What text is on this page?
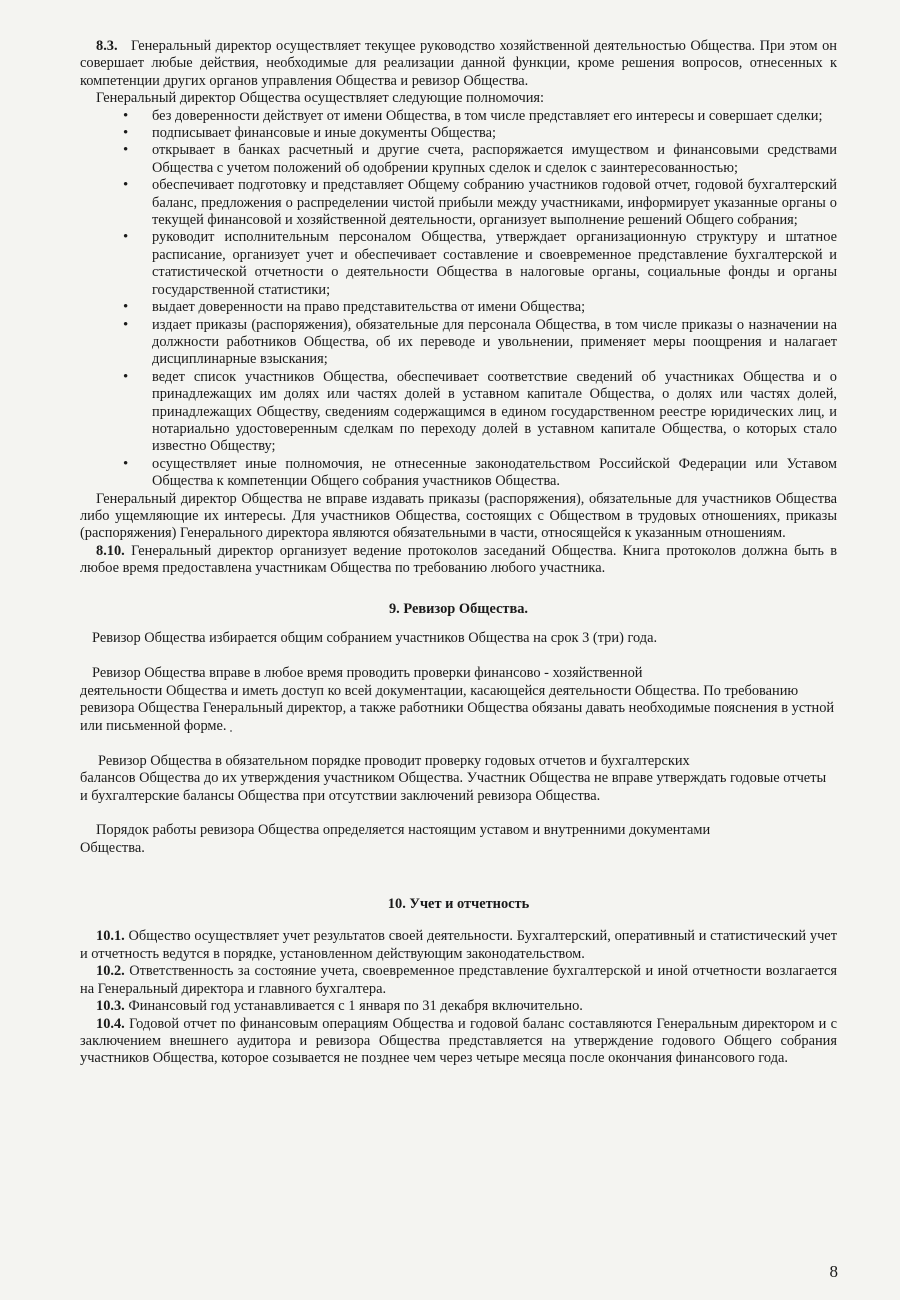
8.3. Генеральный директор осуществляет текущее руководство хозяйственной деятельностью Общества. При этом он совершает любые действия, необходимые для реализации данной функции, кроме решения вопросов, отнесенных к компетенции других органов управления Общества и ревизор Общества.

Генеральный директор Общества осуществляет следующие полномочия:

• без доверенности действует от имени Общества, в том числе представляет его интересы и совершает сделки;
• подписывает финансовые и иные документы Общества;
• открывает в банках расчетный и другие счета, распоряжается имуществом и финансовыми средствами Общества с учетом положений об одобрении крупных сделок и сделок с заинтересованностью;
• обеспечивает подготовку и представляет Общему собранию участников годовой отчет, годовой бухгалтерский баланс, предложения о распределении чистой прибыли между участниками, информирует указанные органы о текущей финансовой и хозяйственной деятельности, организует выполнение решений Общего собрания;
• руководит исполнительным персоналом Общества, утверждает организационную структуру и штатное расписание, организует учет и обеспечивает составление и своевременное представление бухгалтерской и статистической отчетности о деятельности Общества в налоговые органы, социальные фонды и органы государственной статистики;
• выдает доверенности на право представительства от имени Общества;
• издает приказы (распоряжения), обязательные для персонала Общества, в том числе приказы о назначении на должности работников Общества, об их переводе и увольнении, применяет меры поощрения и налагает дисциплинарные взыскания;
• ведет список участников Общества, обеспечивает соответствие сведений об участниках Общества и о принадлежащих им долях или частях долей в уставном капитале Общества, о долях или частях долей, принадлежащих Обществу, сведениям содержащимся в едином государственном реестре юридических лиц, и нотариально удостоверенным сделкам по переходу долей в уставном капитале Общества, о которых стало известно Обществу;
• осуществляет иные полномочия, не отнесенные законодательством Российской Федерации или Уставом Общества к компетенции Общего собрания участников Общества.

Генеральный директор Общества не вправе издавать приказы (распоряжения), обязательные для участников Общества либо ущемляющие их интересы. Для участников Общества, состоящих с Обществом в трудовых отношениях, приказы (распоряжения) Генерального директора являются обязательными в части, относящейся к указанным отношениям.

8.10. Генеральный директор организует ведение протоколов заседаний Общества. Книга протоколов должна быть в любое время предоставлена участникам Общества по требованию любого участника.

9. Ревизор Общества.

Ревизор Общества избирается общим собранием участников Общества на срок 3 (три) года.

Ревизор Общества вправе в любое время проводить проверки финансово - хозяйственной
деятельности Общества и иметь доступ ко всей документации, касающейся деятельности Общества. По требованию ревизора Общества Генеральный директор, а также работники Общества обязаны давать необходимые пояснения в устной или письменной форме.

Ревизор Общества в обязательном порядке проводит проверку годовых отчетов и бухгалтерских
балансов Общества до их утверждения участником Общества. Участник Общества не вправе утверждать годовые отчеты и бухгалтерские балансы Общества при отсутствии заключений ревизора Общества.

Порядок работы ревизора Общества определяется настоящим уставом и внутренними документами
Общества.

10. Учет и отчетность

10.1. Общество осуществляет учет результатов своей деятельности. Бухгалтерский, оперативный и статистический учет и отчетность ведутся в порядке, установленном действующим законодательством.

10.2. Ответственность за состояние учета, своевременное представление бухгалтерской и иной отчетности возлагается на Генеральный директора и главного бухгалтера.

10.3. Финансовый год устанавливается с 1 января по 31 декабря включительно.

10.4. Годовой отчет по финансовым операциям Общества и годовой баланс составляются Генеральным директором и с заключением внешнего аудитора и ревизора Общества представляется на утверждение годового Общего собрания участников Общества, которое созывается не позднее чем через четыре месяца после окончания финансового года.

8
